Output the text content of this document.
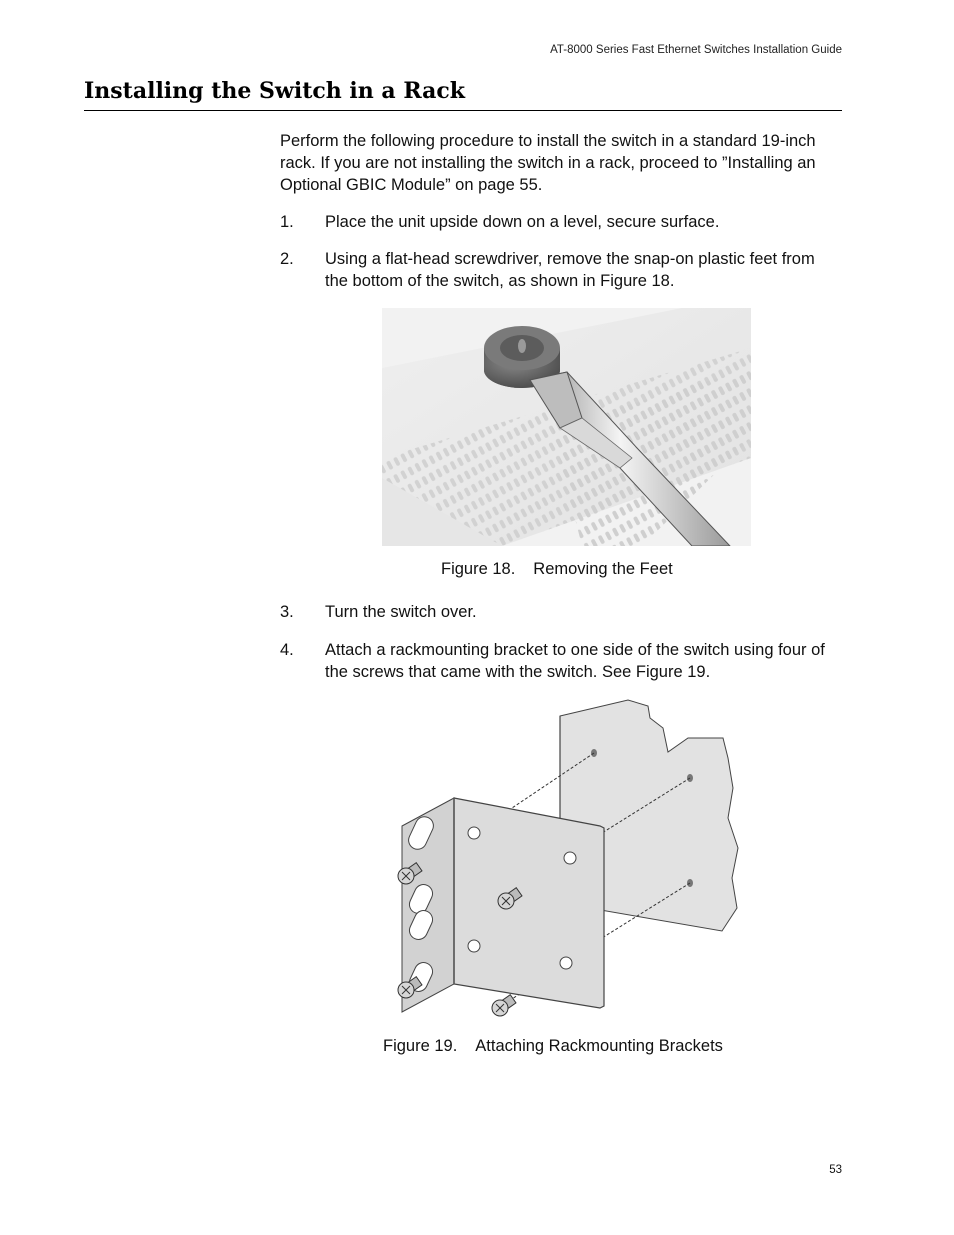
AT-8000 Series Fast Ethernet Switches Installation Guide
Installing the Switch in a Rack

Perform the following procedure to install the switch in a standard 19-inch rack. If you are not installing the switch in a rack, proceed to ”Installing an Optional GBIC Module” on page 55.

1. Place the unit upside down on a level, secure surface.
2. Using a flat-head screwdriver, remove the snap-on plastic feet from the bottom of the switch, as shown in Figure 18.
Figure 18. Removing the Feet
3. Turn the switch over.
4. Attach a rackmounting bracket to one side of the switch using four of the screws that came with the switch. See Figure 19.
Figure 19. Attaching Rackmounting Brackets
53
